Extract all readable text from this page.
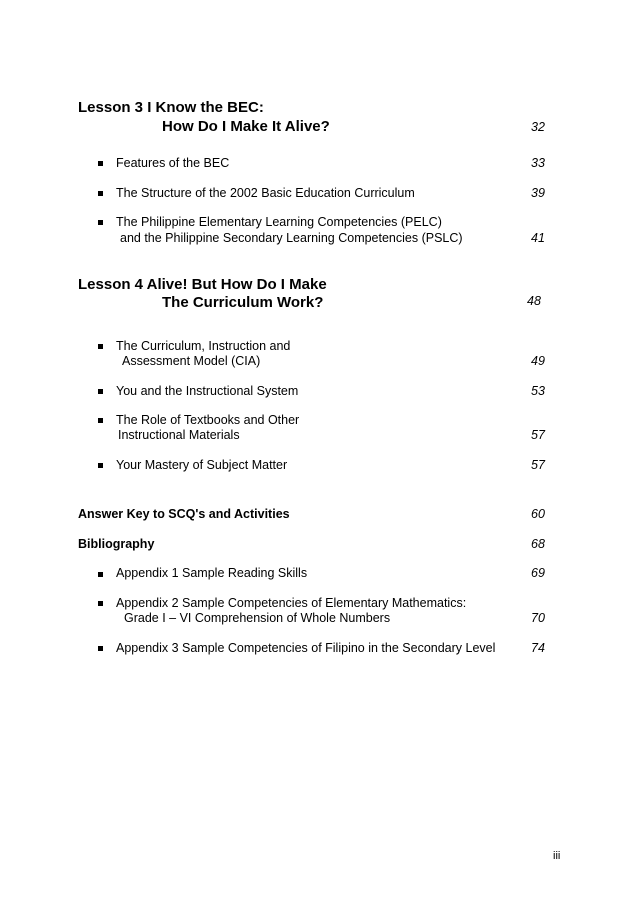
Lesson 3 I Know the BEC:
How Do I Make It Alive?	32
Features of the BEC	33
The Structure of the 2002 Basic Education Curriculum	39
The Philippine Elementary Learning Competencies (PELC)
and the Philippine Secondary Learning Competencies (PSLC)	41
Lesson 4 Alive! But How Do I Make
The Curriculum Work?	48
The Curriculum, Instruction and
Assessment Model (CIA)	49
You and the Instructional System	53
The Role of Textbooks and Other
Instructional Materials	57
Your Mastery of Subject Matter	57
Answer Key to SCQ's and Activities	60
Bibliography	68
Appendix 1 Sample Reading Skills	69
Appendix 2 Sample Competencies of Elementary Mathematics:
Grade I – VI Comprehension of Whole Numbers	70
Appendix 3 Sample Competencies of Filipino in the Secondary Level	74
iii
